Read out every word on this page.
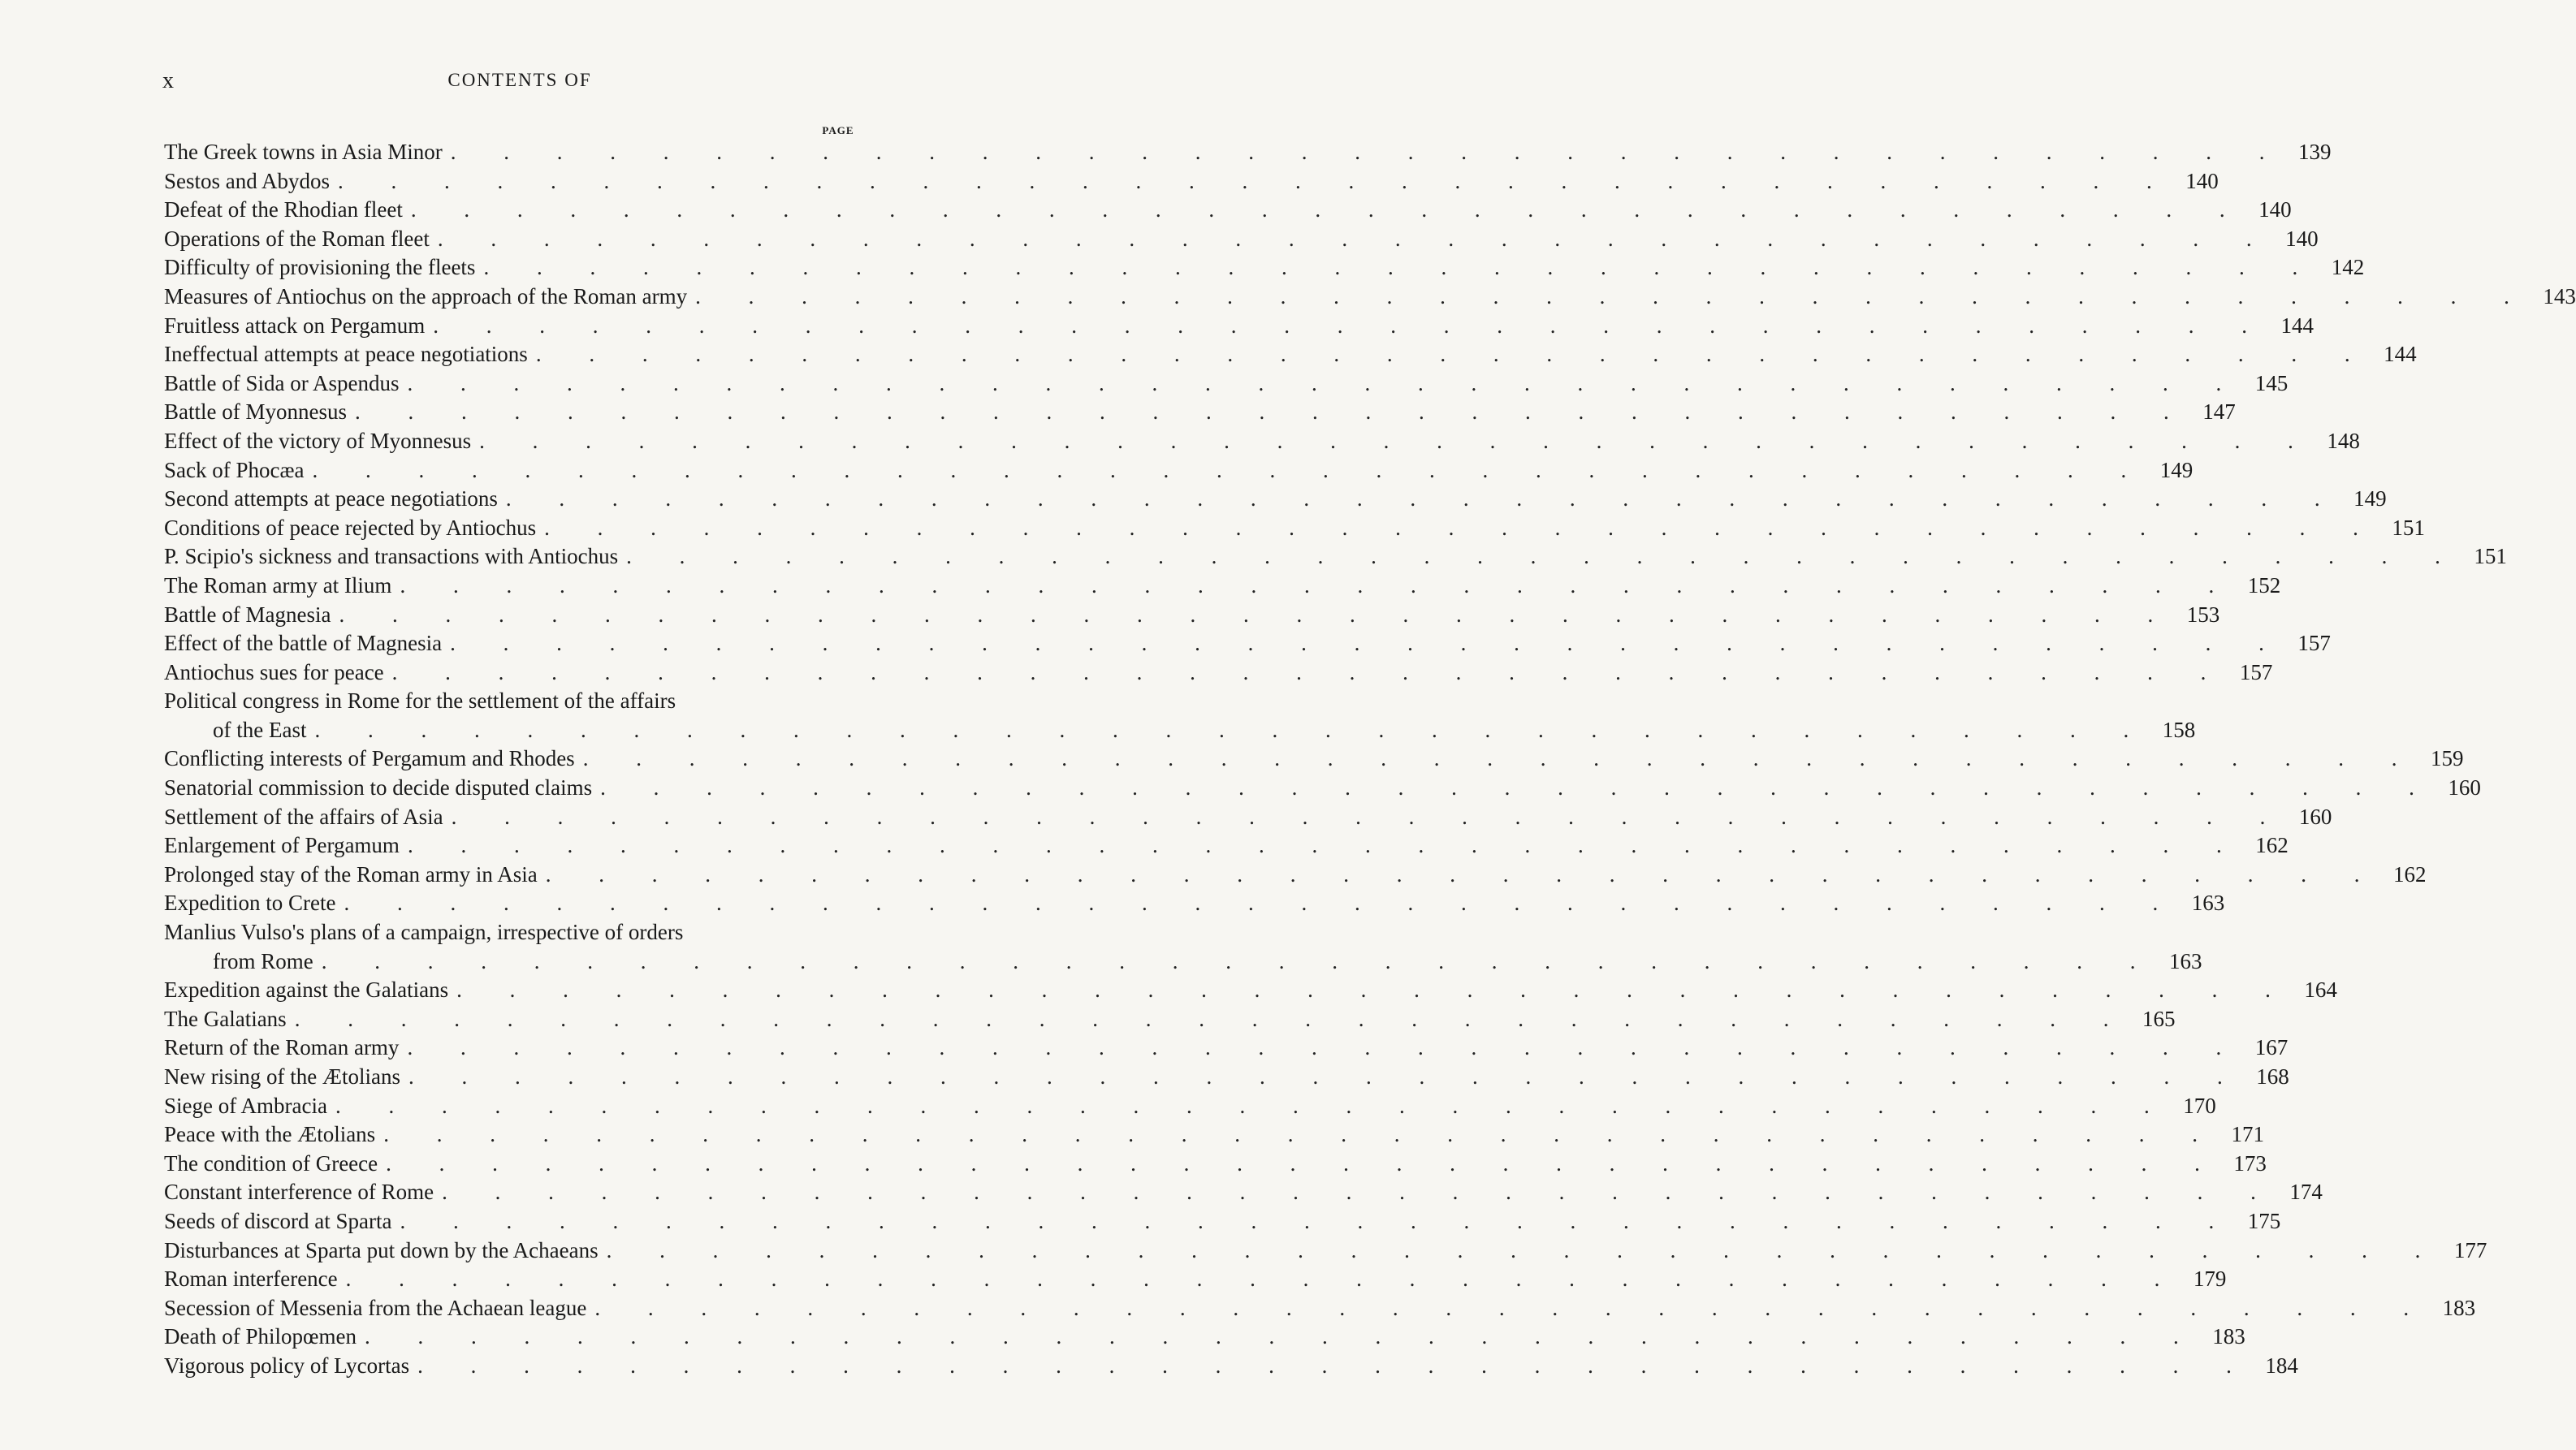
x	CONTENTS OF
PAGE
The Greek towns in Asia Minor . . . . . . . . . . . . . . . . . . . . . . . . . . . . . . . . . . . 139
Sestos and Abydos . . . . . . . . . . . . . . . . . . . . . . . . . . . . . . . . . . . 140
Defeat of the Rhodian fleet . . . . . . . . . . . . . . . . . . . . . . . . . . . . . . . . . . . 140
Operations of the Roman fleet . . . . . . . . . . . . . . . . . . . . . . . . . . . . . . . . . . . 140
Difficulty of provisioning the fleets . . . . . . . . . . . . . . . . . . . . . . . . . . . . . . . . . . . 142
Measures of Antiochus on the approach of the Roman army . . . . . . . . . . . . . . . . . . . . . . . . . . . . . . . . . . . 143
Fruitless attack on Pergamum . . . . . . . . . . . . . . . . . . . . . . . . . . . . . . . . . . . 144
Ineffectual attempts at peace negotiations . . . . . . . . . . . . . . . . . . . . . . . . . . . . . . . . . . . 144
Battle of Sida or Aspendus . . . . . . . . . . . . . . . . . . . . . . . . . . . . . . . . . . . 145
Battle of Myonnesus . . . . . . . . . . . . . . . . . . . . . . . . . . . . . . . . . . . 147
Effect of the victory of Myonnesus . . . . . . . . . . . . . . . . . . . . . . . . . . . . . . . . . . . 148
Sack of Phocæa . . . . . . . . . . . . . . . . . . . . . . . . . . . . . . . . . . . 149
Second attempts at peace negotiations . . . . . . . . . . . . . . . . . . . . . . . . . . . . . . . . . . . 149
Conditions of peace rejected by Antiochus . . . . . . . . . . . . . . . . . . . . . . . . . . . . . . . . . . . 151
P. Scipio's sickness and transactions with Antiochus . . . . . . . . . . . . . . . . . . . . . . . . . . . . . . . . . . . 151
The Roman army at Ilium . . . . . . . . . . . . . . . . . . . . . . . . . . . . . . . . . . . 152
Battle of Magnesia . . . . . . . . . . . . . . . . . . . . . . . . . . . . . . . . . . . 153
Effect of the battle of Magnesia . . . . . . . . . . . . . . . . . . . . . . . . . . . . . . . . . . . 157
Antiochus sues for peace . . . . . . . . . . . . . . . . . . . . . . . . . . . . . . . . . . . 157
Political congress in Rome for the settlement of the affairs
of the East . . . . . . . . . . . . . . . . . . . . . . . . . . . . . . . . . . . 158
Conflicting interests of Pergamum and Rhodes . . . . . . . . . . . . . . . . . . . . . . . . . . . . . . . . . . . 159
Senatorial commission to decide disputed claims . . . . . . . . . . . . . . . . . . . . . . . . . . . . . . . . . . . 160
Settlement of the affairs of Asia . . . . . . . . . . . . . . . . . . . . . . . . . . . . . . . . . . . 160
Enlargement of Pergamum . . . . . . . . . . . . . . . . . . . . . . . . . . . . . . . . . . . 162
Prolonged stay of the Roman army in Asia . . . . . . . . . . . . . . . . . . . . . . . . . . . . . . . . . . . 162
Expedition to Crete . . . . . . . . . . . . . . . . . . . . . . . . . . . . . . . . . . . 163
Manlius Vulso's plans of a campaign, irrespective of orders
from Rome . . . . . . . . . . . . . . . . . . . . . . . . . . . . . . . . . . . 163
Expedition against the Galatians . . . . . . . . . . . . . . . . . . . . . . . . . . . . . . . . . . . 164
The Galatians . . . . . . . . . . . . . . . . . . . . . . . . . . . . . . . . . . . 165
Return of the Roman army . . . . . . . . . . . . . . . . . . . . . . . . . . . . . . . . . . . 167
New rising of the Ætolians . . . . . . . . . . . . . . . . . . . . . . . . . . . . . . . . . . . 168
Siege of Ambracia . . . . . . . . . . . . . . . . . . . . . . . . . . . . . . . . . . . 170
Peace with the Ætolians . . . . . . . . . . . . . . . . . . . . . . . . . . . . . . . . . . . 171
The condition of Greece . . . . . . . . . . . . . . . . . . . . . . . . . . . . . . . . . . . 173
Constant interference of Rome . . . . . . . . . . . . . . . . . . . . . . . . . . . . . . . . . . . 174
Seeds of discord at Sparta . . . . . . . . . . . . . . . . . . . . . . . . . . . . . . . . . . . 175
Disturbances at Sparta put down by the Achaeans . . . . . . . . . . . . . . . . . . . . . . . . . . . . . . . . . . . 177
Roman interference . . . . . . . . . . . . . . . . . . . . . . . . . . . . . . . . . . . 179
Secession of Messenia from the Achaean league . . . . . . . . . . . . . . . . . . . . . . . . . . . . . . . . . . . 183
Death of Philopœmen . . . . . . . . . . . . . . . . . . . . . . . . . . . . . . . . . . . 183
Vigorous policy of Lycortas . . . . . . . . . . . . . . . . . . . . . . . . . . . . . . . . . . . 184
